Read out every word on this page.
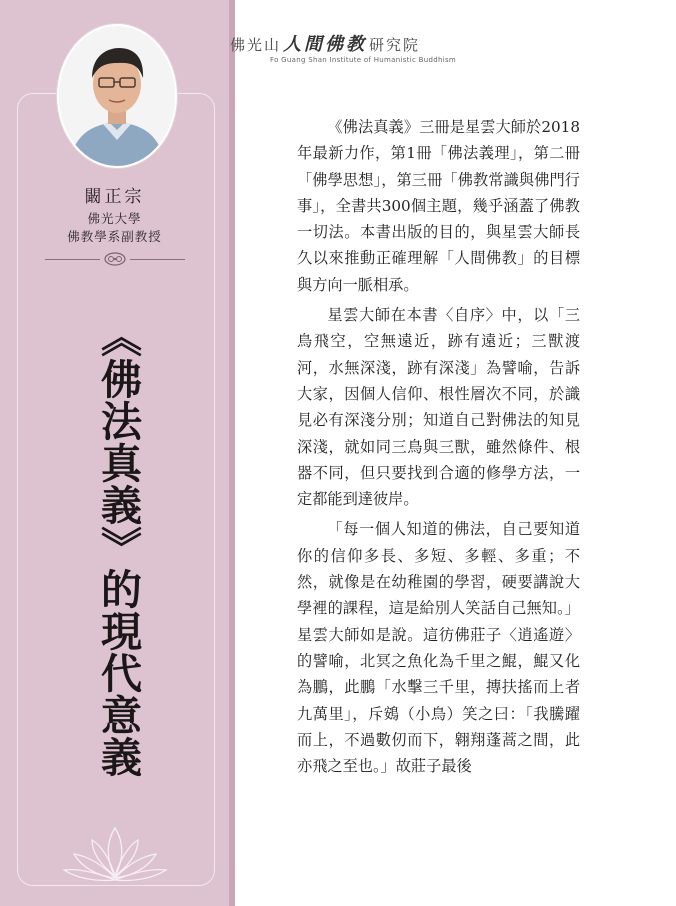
闞正宗
佛光大學
佛教學系副教授
《佛法真義》的現代意義
佛光山 人間佛教 研究院
Fo Guang Shan Institute of Humanistic Buddhism

《佛法真義》三冊是星雲大師於2018年最新力作，第1冊「佛法義理」，第二冊「佛學思想」，第三冊「佛教常識與佛門行事」，全書共300個主題，幾乎涵蓋了佛教一切法。本書出版的目的，與星雲大師長久以來推動正確理解「人間佛教」的目標與方向一脈相承。

星雲大師在本書〈自序〉中，以「三鳥飛空，空無遠近，跡有遠近；三獸渡河，水無深淺，跡有深淺」為譬喻，告訴大家，因個人信仰、根性層次不同，於識見必有深淺分別；知道自己對佛法的知見深淺，就如同三鳥與三獸，雖然條件、根器不同，但只要找到合適的修學方法，一定都能到達彼岸。

「每一個人知道的佛法，自己要知道你的信仰多長、多短、多輕、多重；不然，就像是在幼稚園的學習，硬要講說大學裡的課程，這是給別人笑話自己無知。」星雲大師如是說。這彷佛莊子〈逍遙遊〉的譬喻，北冥之魚化為千里之鯤，鯤又化為鵬，此鵬「水擊三千里，摶扶搖而上者九萬里」，斥鴳（小鳥）笑之曰：「我騰躍而上，不過數仞而下，翱翔蓬蒿之間，此亦飛之至也。」故莊子最後
